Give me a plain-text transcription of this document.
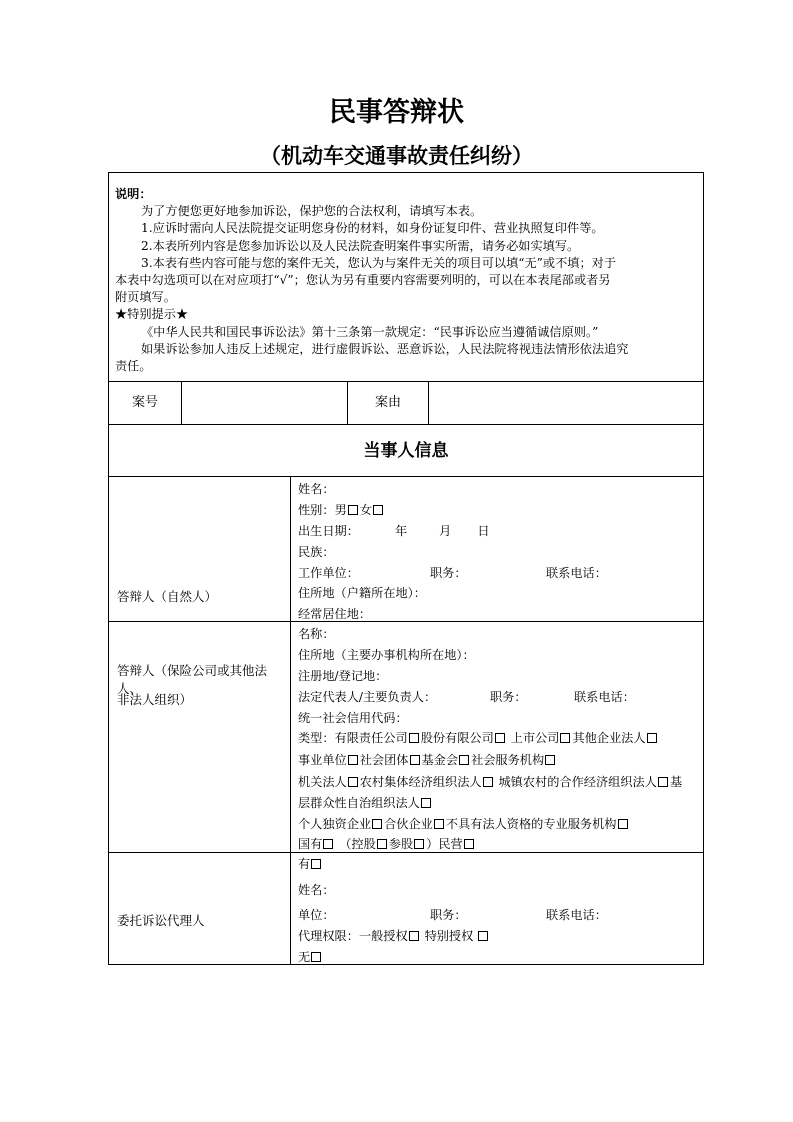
民事答辩状
（机动车交通事故责任纠纷）

说明：

为了方便您更好地参加诉讼，保护您的合法权利，请填写本表。

1.应诉时需向人民法院提交证明您身份的材料，如身份证复印件、营业执照复印件等。

2.本表所列内容是您参加诉讼以及人民法院查明案件事实所需，请务必如实填写。

3.本表有些内容可能与您的案件无关，您认为与案件无关的项目可以填“无”或不填；对于

本表中勾选项可以在对应项打“√”；您认为另有重要内容需要列明的，可以在本表尾部或者另

附页填写。

★特别提示★

《中华人民共和国民事诉讼法》第十三条第一款规定：“民事诉讼应当遵循诚信原则。”

如果诉讼参加人违反上述规定，进行虚假诉讼、恶意诉讼，人民法院将视违法情形依法追究

责任。

案号	案由
当事人信息
答辩人（自然人）
姓名：
性别：男 女
出生日期：	年	月 日
民族：
工作单位：	职务：	联系电话：
住所地（户籍所在地）：
经常居住地：
答辩人（保险公司或其他法人、
非法人组织）
名称：
住所地（主要办事机构所在地）：
注册地/登记地：
法定代表人/主要负责人：	职务：	联系电话：
统一社会信用代码：
类型：有限责任公司 股份有限公司 上市公司 其他企业法人
事业单位 社会团体 基金会 社会服务机构
机关法人 农村集体经济组织法人 城镇农村的合作经济组织法人 基
层群众性自治组织法人
个人独资企业 合伙企业 不具有法人资格的专业服务机构
国有 （控股 参股 ）民营
委托诉讼代理人
有
姓名：
单位：	职务：	联系电话：
代理权限：一般授权 特别授权
无
